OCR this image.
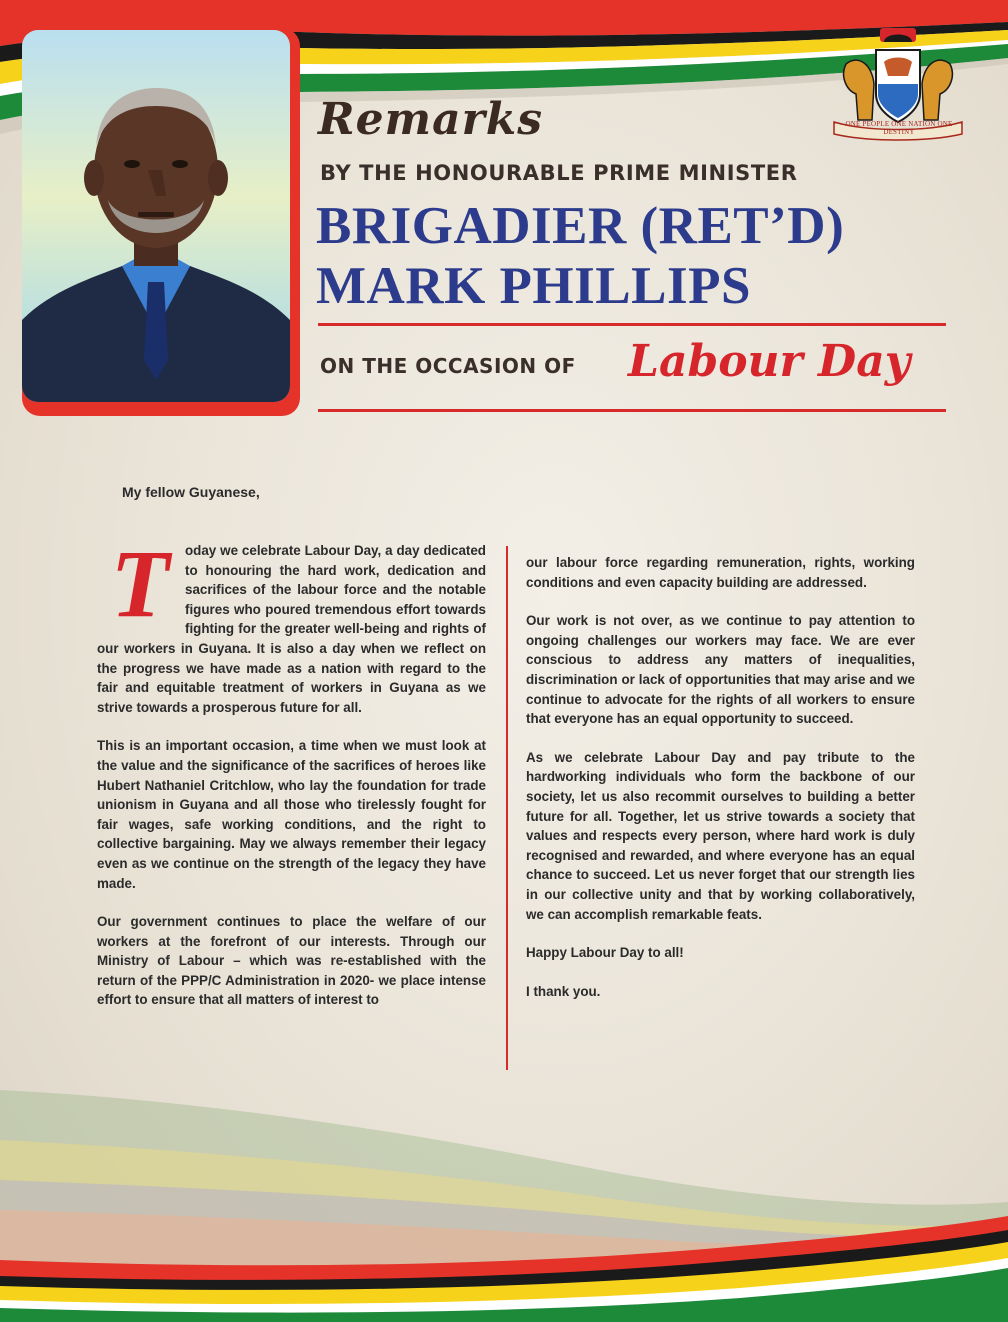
ONE PEOPLE ONE NATION ONE DESTINY
Remarks
BY THE HONOURABLE PRIME MINISTER
BRIGADIER (RET’D)
MARK PHILLIPS
ON THE OCCASION OF Labour Day
My fellow Guyanese,

T	oday we celebrate Labour Day, a day dedicated to honouring the hard work, dedication and sacrifices of the labour force and the notable figures who poured tremendous effort towards fighting for the greater well-being and rights of our workers in Guyana. It is also a day when we reflect on the progress we have made as a nation with regard to the fair and equitable treatment of workers in Guyana as we strive towards a prosperous future for all.

This is an important occasion, a time when we must look at the value and the significance of the sacrifices of heroes like Hubert Nathaniel Critchlow, who lay the foundation for trade unionism in Guyana and all those who tirelessly fought for fair wages, safe working conditions, and the right to collective bargaining. May we always remember their legacy even as we continue on the strength of the legacy they have made.

Our government continues to place the welfare of our workers at the forefront of our interests. Through our Ministry of Labour – which was re-established with the return of the PPP/C Administration in 2020- we place intense effort to ensure that all matters of interest to

our labour force regarding remuneration, rights, working conditions and even capacity building are addressed.

Our work is not over, as we continue to pay attention to ongoing challenges our workers may face. We are ever conscious to address any matters of inequalities, discrimination or lack of opportunities that may arise and we continue to advocate for the rights of all workers to ensure that everyone has an equal opportunity to succeed.

As we celebrate Labour Day and pay tribute to the hardworking individuals who form the backbone of our society, let us also recommit ourselves to building a better future for all. Together, let us strive towards a society that values and respects every person, where hard work is duly recognised and rewarded, and where everyone has an equal chance to succeed. Let us never forget that our strength lies in our collective unity and that by working collaboratively, we can accomplish remarkable feats.

Happy Labour Day to all!

I thank you.
